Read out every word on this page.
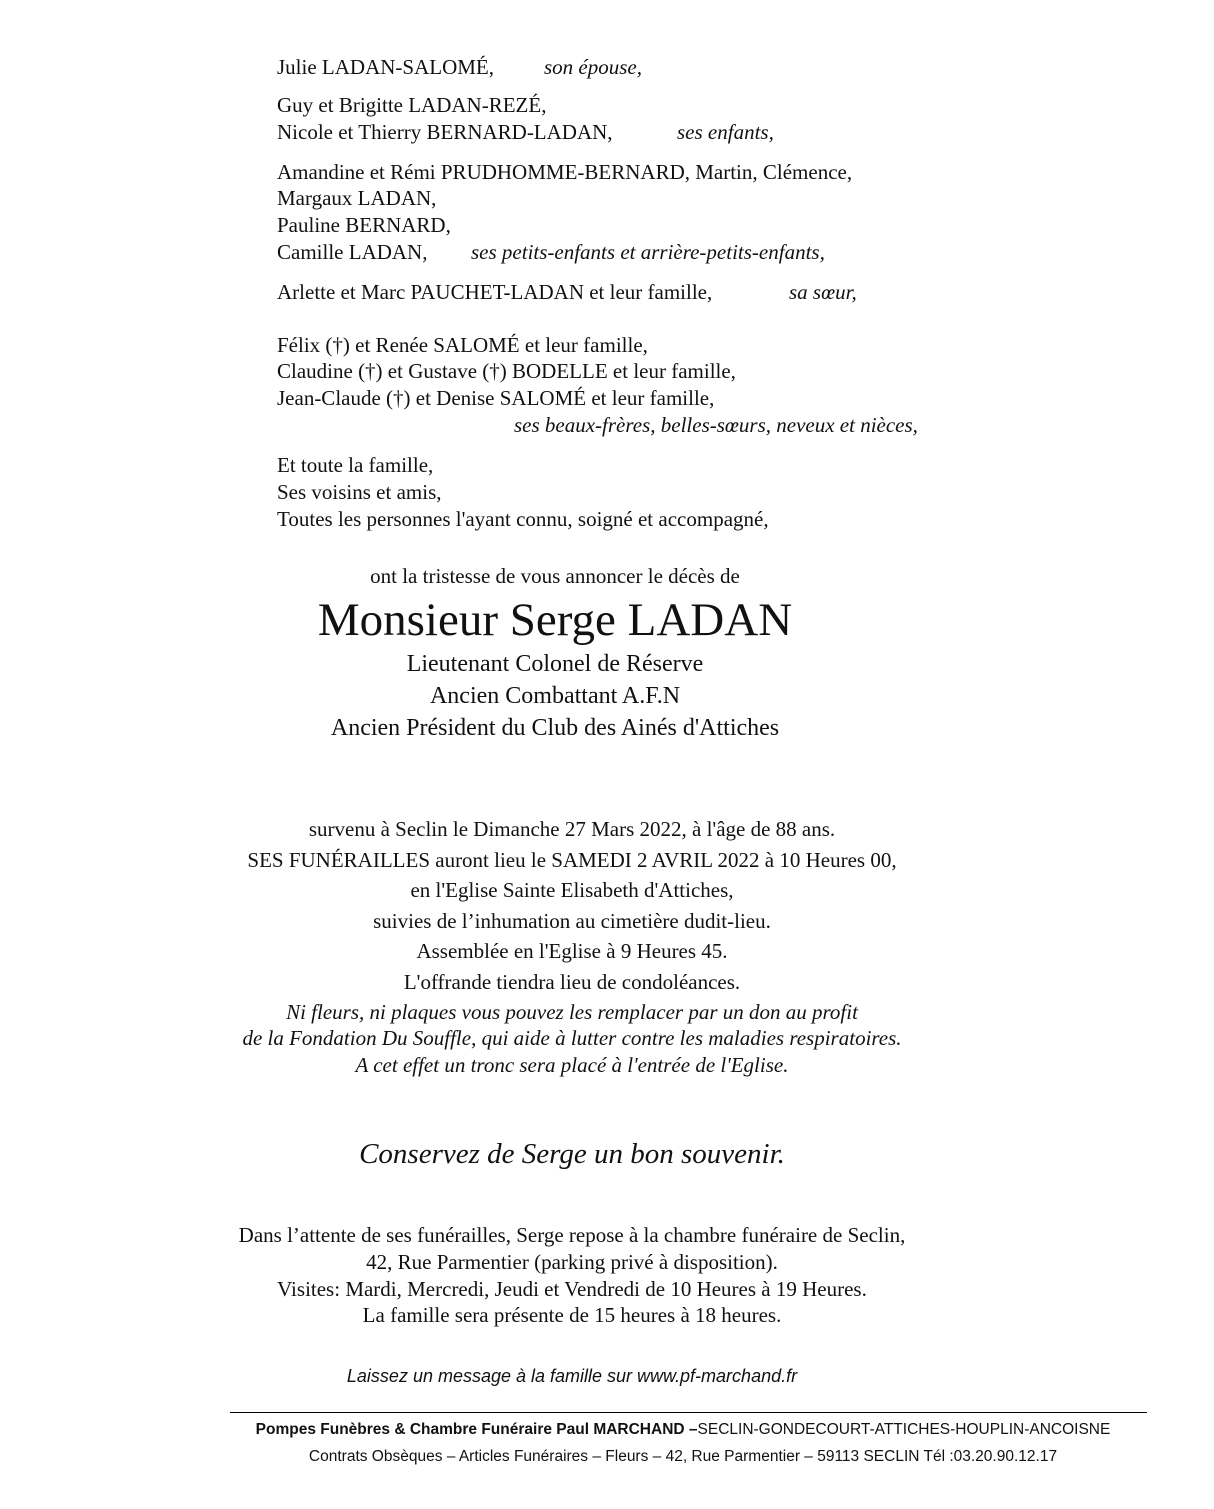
Julie LADAN-SALOMÉ, son épouse,
Guy et Brigitte LADAN-REZÉ,
Nicole et Thierry BERNARD-LADAN,	ses enfants,
Amandine et Rémi PRUDHOMME-BERNARD, Martin, Clémence,
Margaux LADAN,
Pauline BERNARD,
Camille LADAN, ses petits-enfants et arrière-petits-enfants,
Arlette et Marc PAUCHET-LADAN et leur famille,	sa sœur,
Félix (†) et Renée SALOMÉ et leur famille,
Claudine (†) et Gustave (†) BODELLE et leur famille,
Jean-Claude (†) et Denise SALOMÉ et leur famille,
ses beaux-frères, belles-sœurs, neveux et nièces,
Et toute la famille,
Ses voisins et amis,
Toutes les personnes l'ayant connu, soigné et accompagné,
ont la tristesse de vous annoncer le décès de
Monsieur Serge LADAN
Lieutenant Colonel de Réserve
Ancien Combattant A.F.N
Ancien Président du Club des Ainés d'Attiches
survenu à Seclin le Dimanche 27 Mars 2022, à l'âge de 88 ans.
SES FUNÉRAILLES auront lieu le SAMEDI 2 AVRIL 2022 à 10 Heures 00,
en l'Eglise Sainte Elisabeth d'Attiches,
suivies de l’inhumation au cimetière dudit-lieu.
Assemblée en l'Eglise à 9 Heures 45.
L'offrande tiendra lieu de condoléances.
Ni fleurs, ni plaques vous pouvez les remplacer par un don au profit
de la Fondation Du Souffle, qui aide à lutter contre les maladies respiratoires.
A cet effet un tronc sera placé à l'entrée de l'Eglise.
Conservez de Serge un bon souvenir.
Dans l’attente de ses funérailles, Serge repose à la chambre funéraire de Seclin,
42, Rue Parmentier (parking privé à disposition).
Visites: Mardi, Mercredi, Jeudi et Vendredi de 10 Heures à 19 Heures.
La famille sera présente de 15 heures à 18 heures.
Laissez un message à la famille sur www.pf-marchand.fr
Pompes Funèbres & Chambre Funéraire Paul MARCHAND –SECLIN-GONDECOURT-ATTICHES-HOUPLIN-ANCOISNE
Contrats Obsèques – Articles Funéraires – Fleurs – 42, Rue Parmentier – 59113 SECLIN Tél :03.20.90.12.17
